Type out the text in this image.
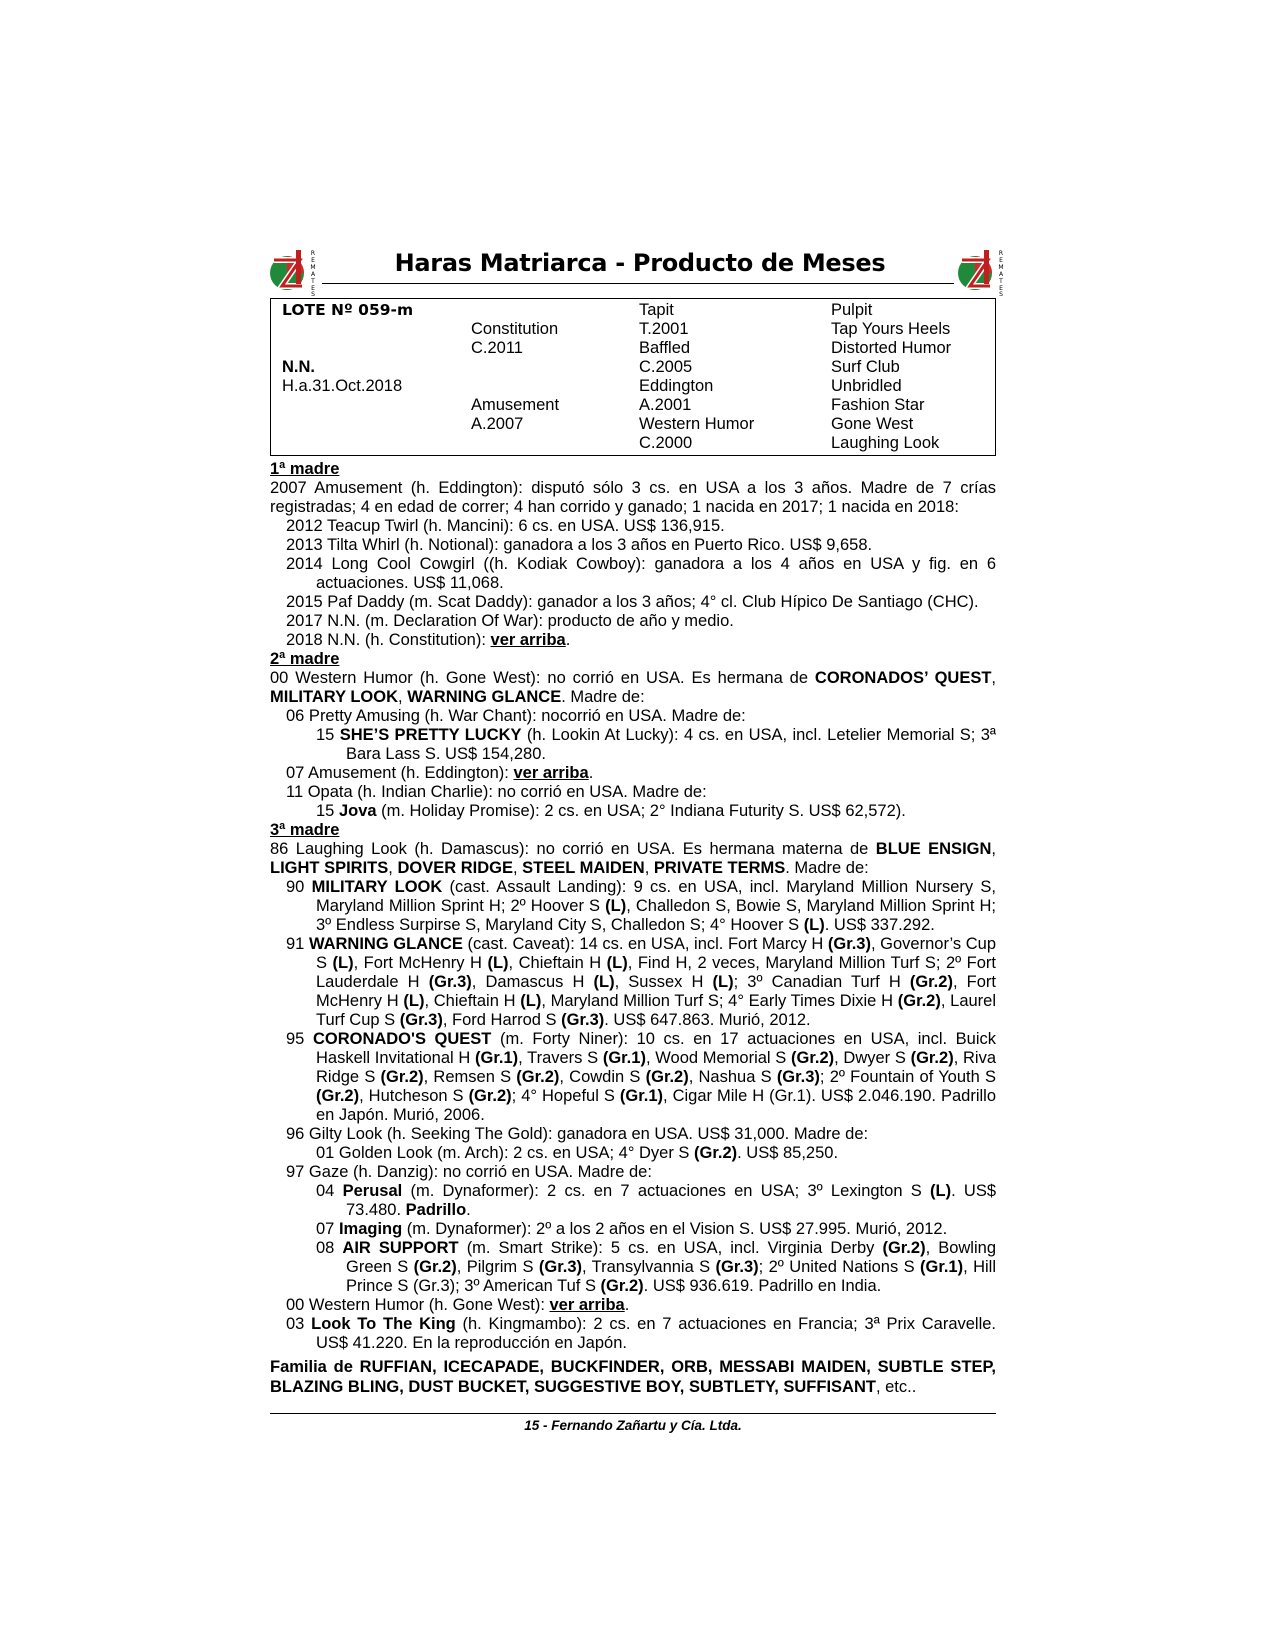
R
E
M
A
T
E
S
Haras Matriarca - Producto de Meses	R
E
M
A
T
E
S
LOTE Nº 059-m
N.N.
H.a.31.Oct.2018
Constitution
C.2011
Amusement
A.2007
Tapit
T.2001
Baffled
C.2005
Eddington
A.2001
Western Humor
C.2000
Pulpit
Tap Yours Heels
Distorted Humor
Surf Club
Unbridled
Fashion Star
Gone West
Laughing Look
1ª madre
2007 Amusement (h. Eddington): disputó sólo 3 cs. en USA a los 3 años. Madre de 7 crías registradas; 4 en edad de correr; 4 han corrido y ganado; 1 nacida en 2017; 1 nacida en 2018:
2012 Teacup Twirl (h. Mancini): 6 cs. en USA. US$ 136,915.
2013 Tilta Whirl (h. Notional): ganadora a los 3 años en Puerto Rico. US$ 9,658.
2014 Long Cool Cowgirl ((h. Kodiak Cowboy): ganadora a los 4 años en USA y fig. en 6 actuaciones. US$ 11,068.
2015 Paf Daddy (m. Scat Daddy): ganador a los 3 años; 4° cl. Club Hípico De Santiago (CHC).
2017 N.N. (m. Declaration Of War): producto de año y medio.
2018 N.N. (h. Constitution): ver arriba.
2ª madre
00 Western Humor (h. Gone West): no corrió en USA. Es hermana de CORONADOS’ QUEST, MILITARY LOOK, WARNING GLANCE. Madre de:
06 Pretty Amusing (h. War Chant): nocorrió en USA. Madre de:
15 SHE’S PRETTY LUCKY (h. Lookin At Lucky): 4 cs. en USA, incl. Letelier Memorial S; 3ª Bara Lass S. US$ 154,280.
07 Amusement (h. Eddington): ver arriba.
11 Opata (h. Indian Charlie): no corrió en USA. Madre de:
15 Jova (m. Holiday Promise): 2 cs. en USA; 2° Indiana Futurity S. US$ 62,572).
3ª madre
86 Laughing Look (h. Damascus): no corrió en USA. Es hermana materna de BLUE ENSIGN, LIGHT SPIRITS, DOVER RIDGE, STEEL MAIDEN, PRIVATE TERMS. Madre de:
90 MILITARY LOOK (cast. Assault Landing): 9 cs. en USA, incl. Maryland Million Nursery S, Maryland Million Sprint H; 2º Hoover S (L), Challedon S, Bowie S, Maryland Million Sprint H; 3º Endless Surpirse S, Maryland City S, Challedon S; 4° Hoover S (L). US$ 337.292.
91 WARNING GLANCE (cast. Caveat): 14 cs. en USA, incl. Fort Marcy H (Gr.3), Governor’s Cup S (L), Fort McHenry H (L), Chieftain H (L), Find H, 2 veces, Maryland Million Turf S; 2º Fort Lauderdale H (Gr.3), Damascus H (L), Sussex H (L); 3º Canadian Turf H (Gr.2), Fort McHenry H (L), Chieftain H (L), Maryland Million Turf S; 4° Early Times Dixie H (Gr.2), Laurel Turf Cup S (Gr.3), Ford Harrod S (Gr.3). US$ 647.863. Murió, 2012.
95 CORONADO'S QUEST (m. Forty Niner): 10 cs. en 17 actuaciones en USA, incl. Buick Haskell Invitational H (Gr.1), Travers S (Gr.1), Wood Memorial S (Gr.2), Dwyer S (Gr.2), Riva Ridge S (Gr.2), Remsen S (Gr.2), Cowdin S (Gr.2), Nashua S (Gr.3); 2º Fountain of Youth S (Gr.2), Hutcheson S (Gr.2); 4° Hopeful S (Gr.1), Cigar Mile H (Gr.1). US$ 2.046.190. Padrillo en Japón. Murió, 2006.
96 Gilty Look (h. Seeking The Gold): ganadora en USA. US$ 31,000. Madre de:
01 Golden Look (m. Arch): 2 cs. en USA; 4° Dyer S (Gr.2). US$ 85,250.
97 Gaze (h. Danzig): no corrió en USA. Madre de:
04 Perusal (m. Dynaformer): 2 cs. en 7 actuaciones en USA; 3º Lexington S (L). US$ 73.480. Padrillo.
07 Imaging (m. Dynaformer): 2º a los 2 años en el Vision S. US$ 27.995. Murió, 2012.
08 AIR SUPPORT (m. Smart Strike): 5 cs. en USA, incl. Virginia Derby (Gr.2), Bowling Green S (Gr.2), Pilgrim S (Gr.3), Transylvannia S (Gr.3); 2º United Nations S (Gr.1), Hill Prince S (Gr.3); 3º American Tuf S (Gr.2). US$ 936.619. Padrillo en India.
00 Western Humor (h. Gone West): ver arriba.
03 Look To The King (h. Kingmambo): 2 cs. en 7 actuaciones en Francia; 3ª Prix Caravelle. US$ 41.220. En la reproducción en Japón.
Familia de RUFFIAN, ICECAPADE, BUCKFINDER, ORB, MESSABI MAIDEN, SUBTLE STEP, BLAZING BLING, DUST BUCKET, SUGGESTIVE BOY, SUBTLETY, SUFFISANT, etc..
15 - Fernando Zañartu y Cía. Ltda.
